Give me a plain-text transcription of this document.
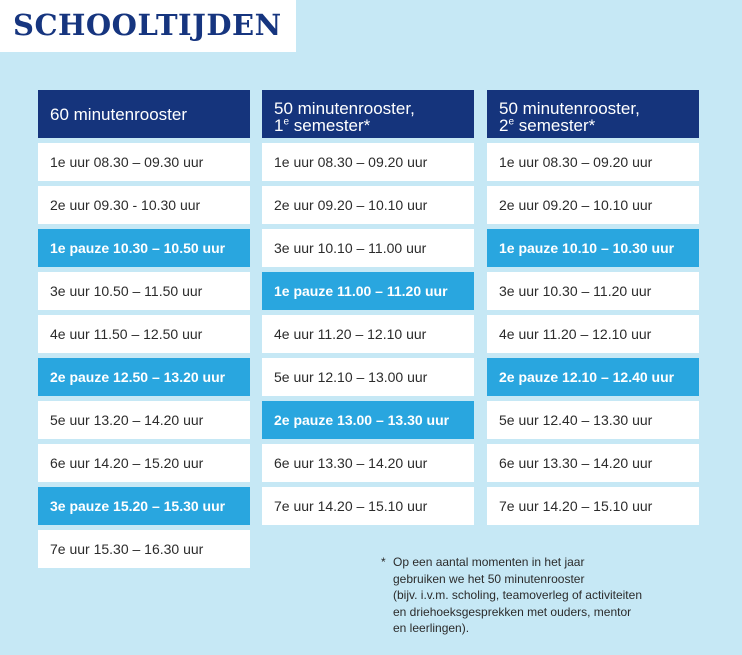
SCHOOLTIJDEN
60 minutenrooster
1e uur 08.30 – 09.30 uur
2e uur 09.30 - 10.30 uur
1e pauze 10.30 – 10.50 uur
3e uur 10.50 – 11.50 uur
4e uur 11.50 – 12.50 uur
2e pauze 12.50 – 13.20 uur
5e uur 13.20 – 14.20 uur
6e uur 14.20 – 15.20 uur
3e pauze 15.20 – 15.30 uur
7e uur 15.30 – 16.30 uur
50 minutenrooster,
1e semester*
1e uur 08.30 – 09.20 uur
2e uur 09.20 – 10.10 uur
3e uur 10.10 – 11.00 uur
1e pauze 11.00 – 11.20 uur
4e uur 11.20 – 12.10 uur
5e uur 12.10 – 13.00 uur
2e pauze 13.00 – 13.30 uur
6e uur 13.30 – 14.20 uur
7e uur 14.20 – 15.10 uur
50 minutenrooster,
2e semester*
1e uur 08.30 – 09.20 uur
2e uur 09.20 – 10.10 uur
1e pauze 10.10 – 10.30 uur
3e uur 10.30 – 11.20 uur
4e uur 11.20 – 12.10 uur
2e pauze 12.10 – 12.40 uur
5e uur 12.40 – 13.30 uur
6e uur 13.30 – 14.20 uur
7e uur 14.20 – 15.10 uur
* Op een aantal momenten in het jaar
gebruiken we het 50 minutenrooster
(bijv. i.v.m. scholing, teamoverleg of activiteiten
en driehoeksgesprekken met ouders, mentor
en leerlingen).
